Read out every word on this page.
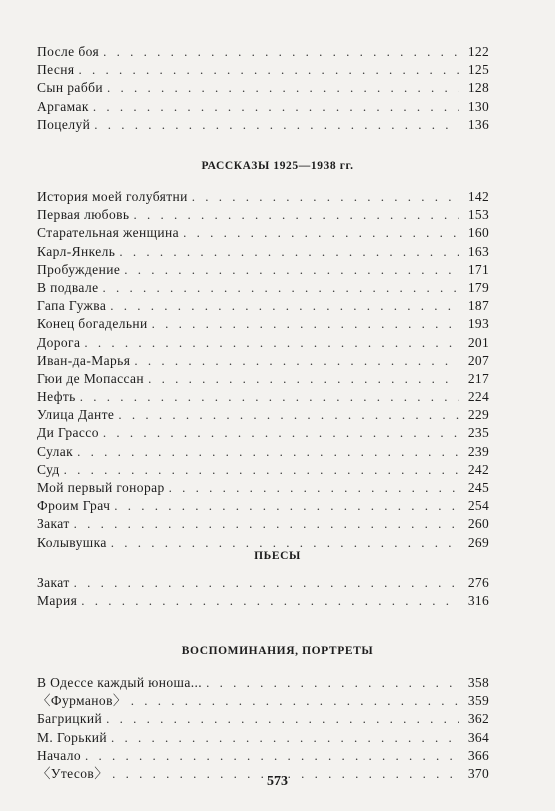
После боя . . .	122
Песня . . .	125
Сын рабби . . .	128
Аргамак . . .	130
Поцелуй . . .	136
РАССКАЗЫ 1925—1938 гг.
История моей голубятни . . .	142
Первая любовь . . .	153
Старательная женщина . . .	160
Карл-Янкель . . .	163
Пробуждение . . .	171
В подвале . . .	179
Гапа Гужва . . .	187
Конец богадельни . . .	193
Дорога . . .	201
Иван-да-Марья . . .	207
Гюи де Мопассан . . .	217
Нефть . . .	224
Улица Данте . . .	229
Ди Грассо . . .	235
Сулак . . .	239
Суд . . .	242
Мой первый гонорар . . .	245
Фроим Грач . . .	254
Закат . . .	260
Колывушка . . .	269
ПЬЕСЫ
Закат . . .	276
Мария . . .	316
ВОСПОМИНАНИЯ, ПОРТРЕТЫ
В Одессе каждый юноша... . . .	358
〈Фурманов〉 . . .	359
Багрицкий . . .	362
М. Горький . . .	364
Начало . . .	366
〈Утесов〉 . . .	370
573
